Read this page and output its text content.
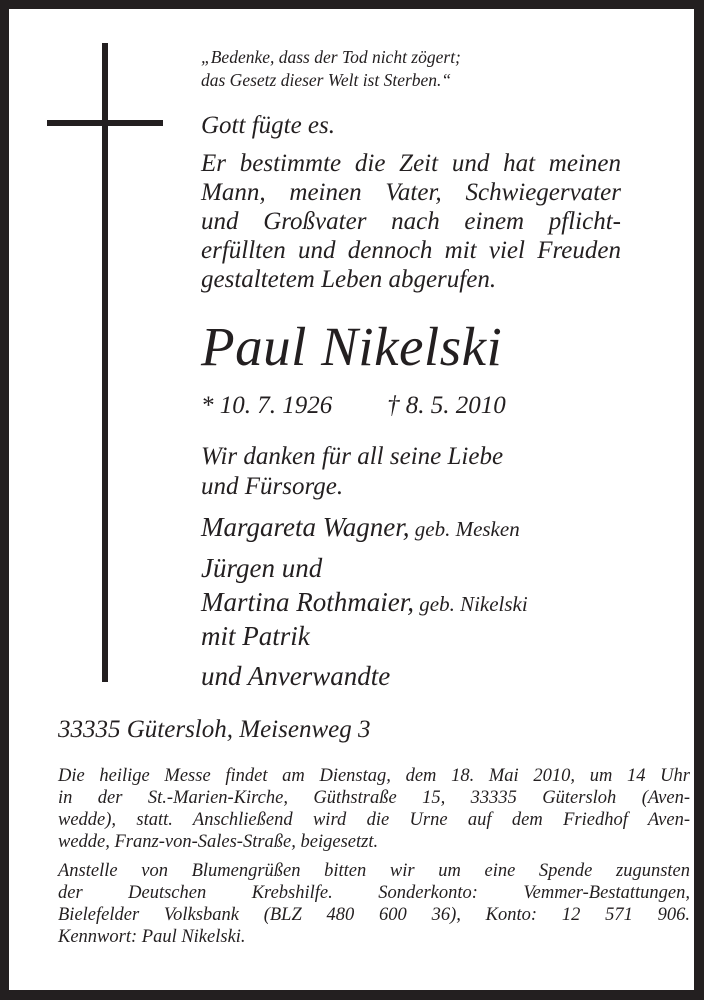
„Bedenke, dass der Tod nicht zögert;
das Gesetz dieser Welt ist Sterben.“
Gott fügte es.
Er bestimmte die Zeit und hat meinen
Mann, meinen Vater, Schwiegervater
und Großvater nach einem pflicht-
erfüllten und dennoch mit viel Freuden
gestaltetem Leben abgerufen.
Paul Nikelski
* 10. 7. 1926 † 8. 5. 2010
Wir danken für all seine Liebe
und Fürsorge.
Margareta Wagner, geb. Mesken
Jürgen und
Martina Rothmaier, geb. Nikelski
mit Patrik
und Anverwandte
33335 Gütersloh, Meisenweg 3
Die heilige Messe findet am Dienstag, dem 18. Mai 2010, um 14 Uhr
in der St.-Marien-Kirche, Güthstraße 15, 33335 Gütersloh (Aven-
wedde), statt. Anschließend wird die Urne auf dem Friedhof Aven-
wedde, Franz-von-Sales-Straße, beigesetzt.
Anstelle von Blumengrüßen bitten wir um eine Spende zugunsten
der Deutschen Krebshilfe. Sonderkonto: Vemmer-Bestattungen,
Bielefelder Volksbank (BLZ 480 600 36), Konto: 12 571 906.
Kennwort: Paul Nikelski.
